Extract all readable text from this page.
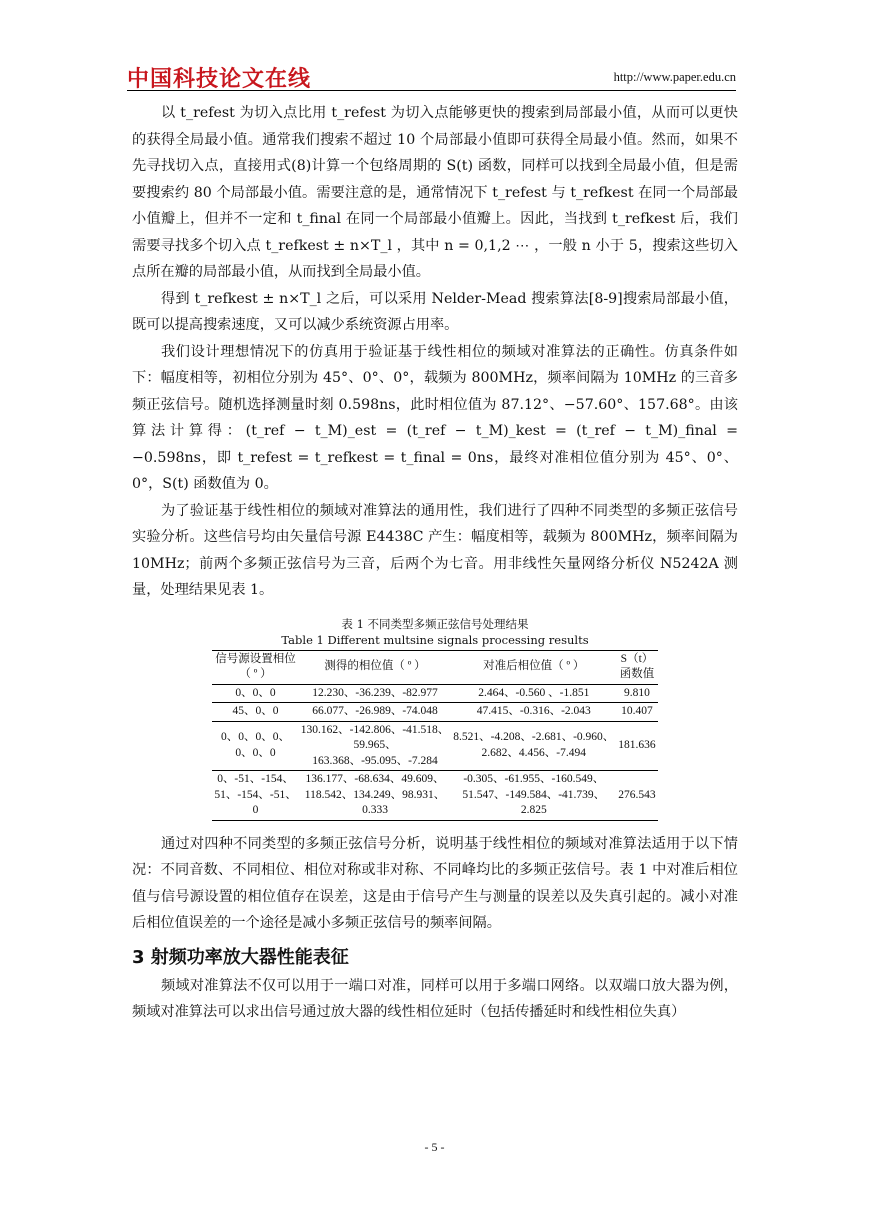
中国科技论文在线	http://www.paper.edu.cn

以 t_refest 为切入点比用 t_refest 为切入点能够更快的搜索到局部最小值，从而可以更快的获得全局最小值。通常我们搜索不超过 10 个局部最小值即可获得全局最小值。然而，如果不先寻找切入点，直接用式(8)计算一个包络周期的 S(t) 函数，同样可以找到全局最小值，但是需要搜索约 80 个局部最小值。需要注意的是，通常情况下 t_refest 与 t_refkest 在同一个局部最小值瓣上，但并不一定和 t_final 在同一个局部最小值瓣上。因此，当找到 t_refkest 后，我们需要寻找多个切入点 t_refkest ± n×T_l ，其中 n = 0,1,2 ⋯ ，一般 n 小于 5，搜索这些切入点所在瓣的局部最小值，从而找到全局最小值。

得到 t_refkest ± n×T_l 之后，可以采用 Nelder-Mead 搜索算法[8-9]搜索局部最小值，既可以提高搜索速度，又可以减少系统资源占用率。

我们设计理想情况下的仿真用于验证基于线性相位的频域对准算法的正确性。仿真条件如下：幅度相等，初相位分别为 45°、0°、0°，载频为 800MHz，频率间隔为 10MHz 的三音多频正弦信号。随机选择测量时刻 0.598ns，此时相位值为 87.12°、−57.60°、157.68°。由该算法计算得：(t_ref − t_M)_est = (t_ref − t_M)_kest = (t_ref − t_M)_final = −0.598ns，即 t_refest = t_refkest = t_final = 0ns，最终对准相位值分别为 45°、0°、0°，S(t) 函数值为 0。

为了验证基于线性相位的频域对准算法的通用性，我们进行了四种不同类型的多频正弦信号实验分析。这些信号均由矢量信号源 E4438C 产生：幅度相等，载频为 800MHz，频率间隔为 10MHz；前两个多频正弦信号为三音，后两个为七音。用非线性矢量网络分析仪 N5242A 测量，处理结果见表 1。

表 1 不同类型多频正弦信号处理结果
Table 1 Different multsine signals processing results
信号源设置相位（ º ）	测得的相位值（ º ）	对准后相位值（ º ）	S（t）函数值
0、0、0	12.230、-36.239、-82.977	2.464、-0.560 、-1.851	9.810
45、0、0	66.077、-26.989、-74.048	47.415、-0.316、-2.043	10.407
0、0、0、0、0、0、0	130.162、-142.806、-41.518、59.965、163.368、-95.095、-7.284	8.521、-4.208、-2.681、-0.960、2.682、4.456、-7.494	181.636
0、-51、-154、51、-154、-51、0	136.177、-68.634、49.609、118.542、134.249、98.931、0.333	-0.305、-61.955、-160.549、51.547、-149.584、-41.739、2.825	276.543

通过对四种不同类型的多频正弦信号分析，说明基于线性相位的频域对准算法适用于以下情况：不同音数、不同相位、相位对称或非对称、不同峰均比的多频正弦信号。表 1 中对准后相位值与信号源设置的相位值存在误差，这是由于信号产生与测量的误差以及失真引起的。减小对准后相位值误差的一个途径是减小多频正弦信号的频率间隔。

3 射频功率放大器性能表征

频域对准算法不仅可以用于一端口对准，同样可以用于多端口网络。以双端口放大器为例，频域对准算法可以求出信号通过放大器的线性相位延时（包括传播延时和线性相位失真）

- 5 -
